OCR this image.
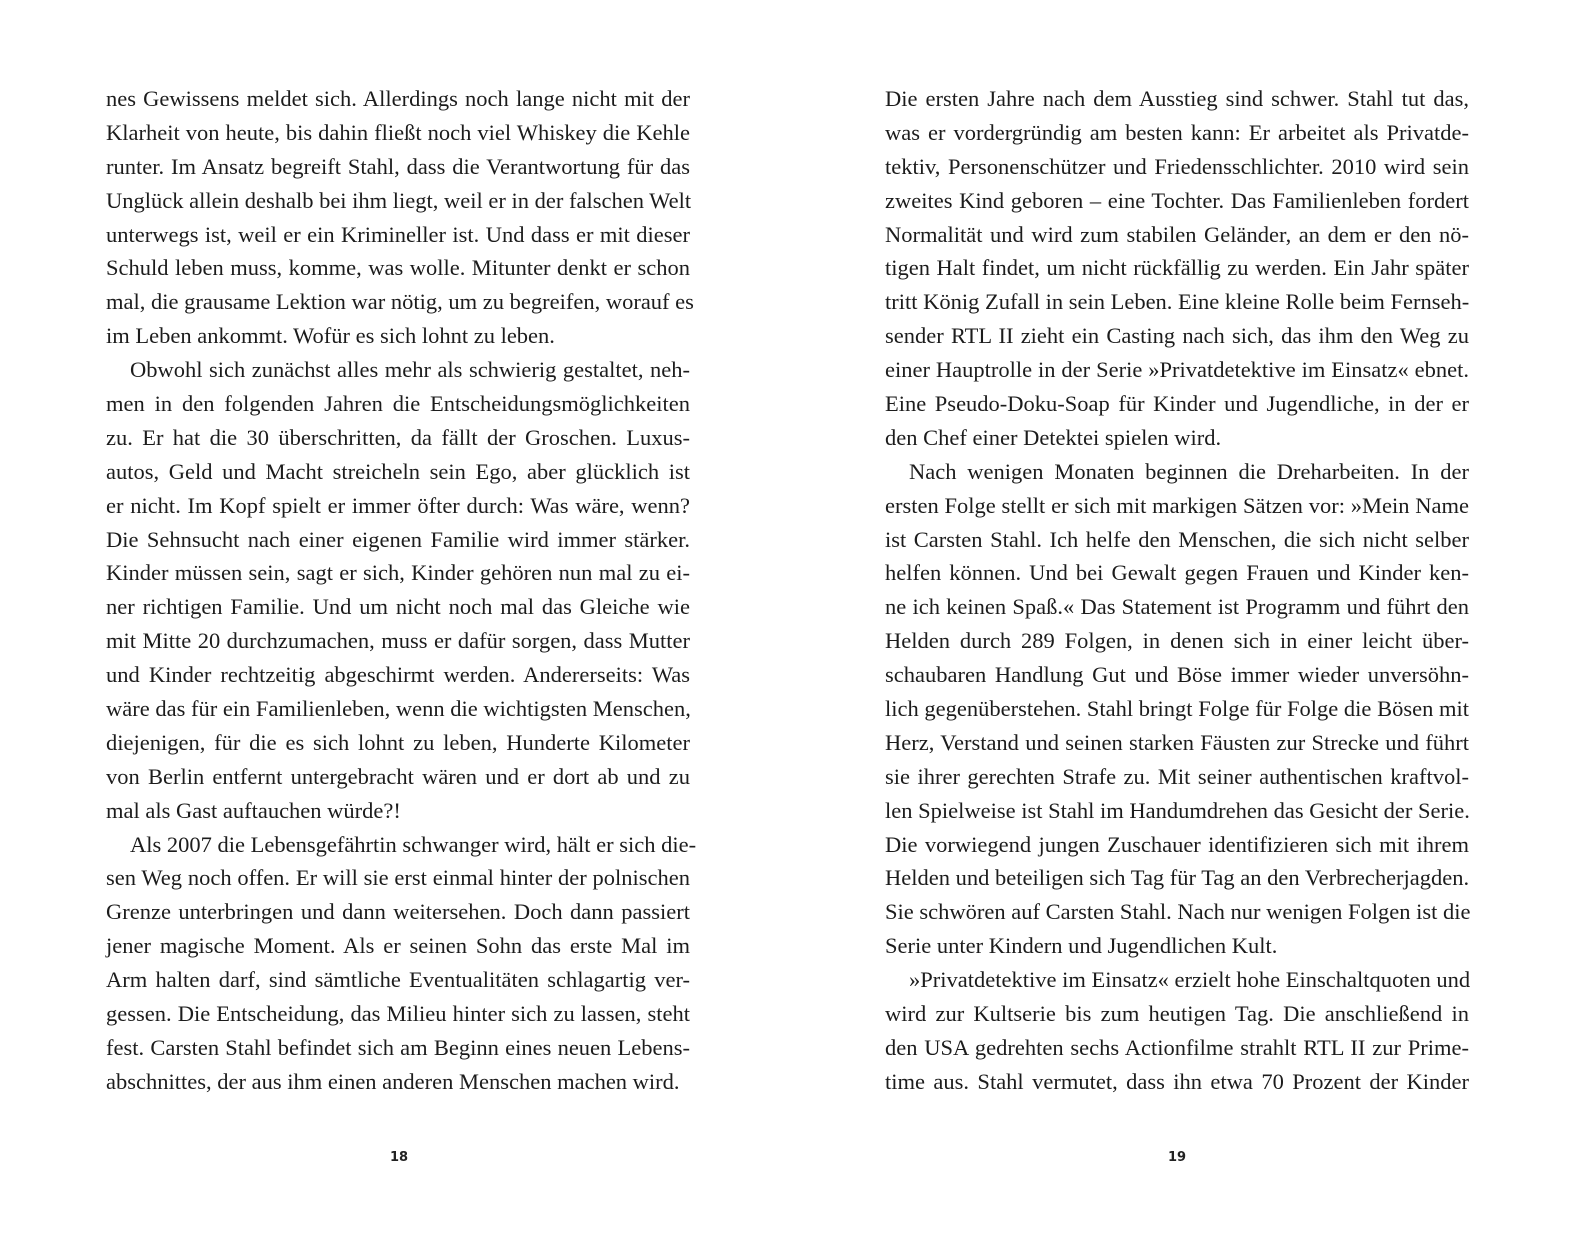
nes Gewissens meldet sich. Allerdings noch lange nicht mit der
Klarheit von heute, bis dahin fließt noch viel Whiskey die Kehle
runter. Im Ansatz begreift Stahl, dass die Verantwortung für das
Unglück allein deshalb bei ihm liegt, weil er in der falschen Welt
unterwegs ist, weil er ein Krimineller ist. Und dass er mit dieser
Schuld leben muss, komme, was wolle. Mitunter denkt er schon
mal, die grausame Lektion war nötig, um zu begreifen, worauf es
im Leben ankommt. Wofür es sich lohnt zu leben.
Obwohl sich zunächst alles mehr als schwierig gestaltet, neh-
men in den folgenden Jahren die Entscheidungsmöglichkeiten
zu. Er hat die 30 überschritten, da fällt der Groschen. Luxus-
autos, Geld und Macht streicheln sein Ego, aber glücklich ist
er nicht. Im Kopf spielt er immer öfter durch: Was wäre, wenn?
Die Sehnsucht nach einer eigenen Familie wird immer stärker.
Kinder müssen sein, sagt er sich, Kinder gehören nun mal zu ei-
ner richtigen Familie. Und um nicht noch mal das Gleiche wie
mit Mitte 20 durchzumachen, muss er dafür sorgen, dass Mutter
und Kinder rechtzeitig abgeschirmt werden. Andererseits: Was
wäre das für ein Familienleben, wenn die wichtigsten Menschen,
diejenigen, für die es sich lohnt zu leben, Hunderte Kilometer
von Berlin entfernt untergebracht wären und er dort ab und zu
mal als Gast auftauchen würde?!
Als 2007 die Lebensgefährtin schwanger wird, hält er sich die-
sen Weg noch offen. Er will sie erst einmal hinter der polnischen
Grenze unterbringen und dann weitersehen. Doch dann passiert
jener magische Moment. Als er seinen Sohn das erste Mal im
Arm halten darf, sind sämtliche Eventualitäten schlagartig ver-
gessen. Die Entscheidung, das Milieu hinter sich zu lassen, steht
fest. Carsten Stahl befindet sich am Beginn eines neuen Lebens-
abschnittes, der aus ihm einen anderen Menschen machen wird.
18
Die ersten Jahre nach dem Ausstieg sind schwer. Stahl tut das,
was er vordergründig am besten kann: Er arbeitet als Privatde-
tektiv, Personenschützer und Friedensschlichter. 2010 wird sein
zweites Kind geboren – eine Tochter. Das Familienleben fordert
Normalität und wird zum stabilen Geländer, an dem er den nö-
tigen Halt findet, um nicht rückfällig zu werden. Ein Jahr später
tritt König Zufall in sein Leben. Eine kleine Rolle beim Fernseh-
sender RTL II zieht ein Casting nach sich, das ihm den Weg zu
einer Hauptrolle in der Serie »Privatdetektive im Einsatz« ebnet.
Eine Pseudo-Doku-Soap für Kinder und Jugendliche, in der er
den Chef einer Detektei spielen wird.
Nach wenigen Monaten beginnen die Dreharbeiten. In der
ersten Folge stellt er sich mit markigen Sätzen vor: »Mein Name
ist Carsten Stahl. Ich helfe den Menschen, die sich nicht selber
helfen können. Und bei Gewalt gegen Frauen und Kinder ken-
ne ich keinen Spaß.« Das Statement ist Programm und führt den
Helden durch 289 Folgen, in denen sich in einer leicht über-
schaubaren Handlung Gut und Böse immer wieder unversöhn-
lich gegenüberstehen. Stahl bringt Folge für Folge die Bösen mit
Herz, Verstand und seinen starken Fäusten zur Strecke und führt
sie ihrer gerechten Strafe zu. Mit seiner authentischen kraftvol-
len Spielweise ist Stahl im Handumdrehen das Gesicht der Serie.
Die vorwiegend jungen Zuschauer identifizieren sich mit ihrem
Helden und beteiligen sich Tag für Tag an den Verbrecherjagden.
Sie schwören auf Carsten Stahl. Nach nur wenigen Folgen ist die
Serie unter Kindern und Jugendlichen Kult.
»Privatdetektive im Einsatz« erzielt hohe Einschaltquoten und
wird zur Kultserie bis zum heutigen Tag. Die anschließend in
den USA gedrehten sechs Actionfilme strahlt RTL II zur Prime-
time aus. Stahl vermutet, dass ihn etwa 70 Prozent der Kinder
19
